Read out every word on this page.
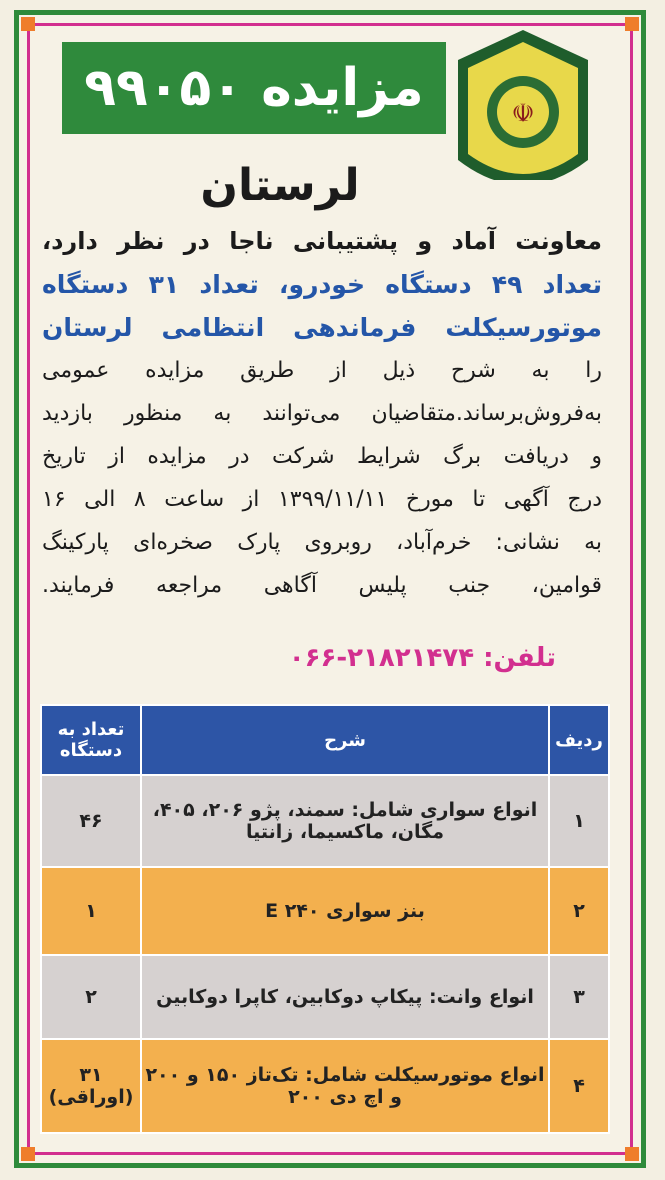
☫
مزایده ۹۹۰۵۰
لرستان
معاونت آماد و پشتیبانی ناجا در نظر دارد،
تعداد ۴۹ دستگاه خودرو، تعداد ۳۱ دستگاه
موتورسیکلت فرماندهی انتظامی لرستان
را به شرح ذیل از طریق مزایده عمومی
به‌فروش‌برساند.متقاضیان می‌توانند به منظور بازدید
و دریافت برگ شرایط شرکت در مزایده از تاریخ
درج آگهی تا مورخ ۱۳۹۹/۱۱/۱۱ از ساعت ۸ الی ۱۶
به نشانی: خرم‌آباد، روبروی پارک صخره‌ای پارکینگ
قوامین، جنب پلیس آگاهی مراجعه فرمایند.
تلفن: ۲۱۸۲۱۴۷۴-۰۶۶
ردیف	شرح	تعداد به دستگاه
۱	انواع سواری شامل: سمند، پژو ۲۰۶، ۴۰۵، مگان، ماکسیما، زانتیا	۴۶
۲	بنز سواری E ۲۴۰	۱
۳	انواع وانت: پیکاپ دوکابین، کاپرا دوکابین	۲
۴	انواع موتورسیکلت شامل: تک‌تاز ۱۵۰ و ۲۰۰ و اچ دی ۲۰۰	۳۱ (اوراقی)
